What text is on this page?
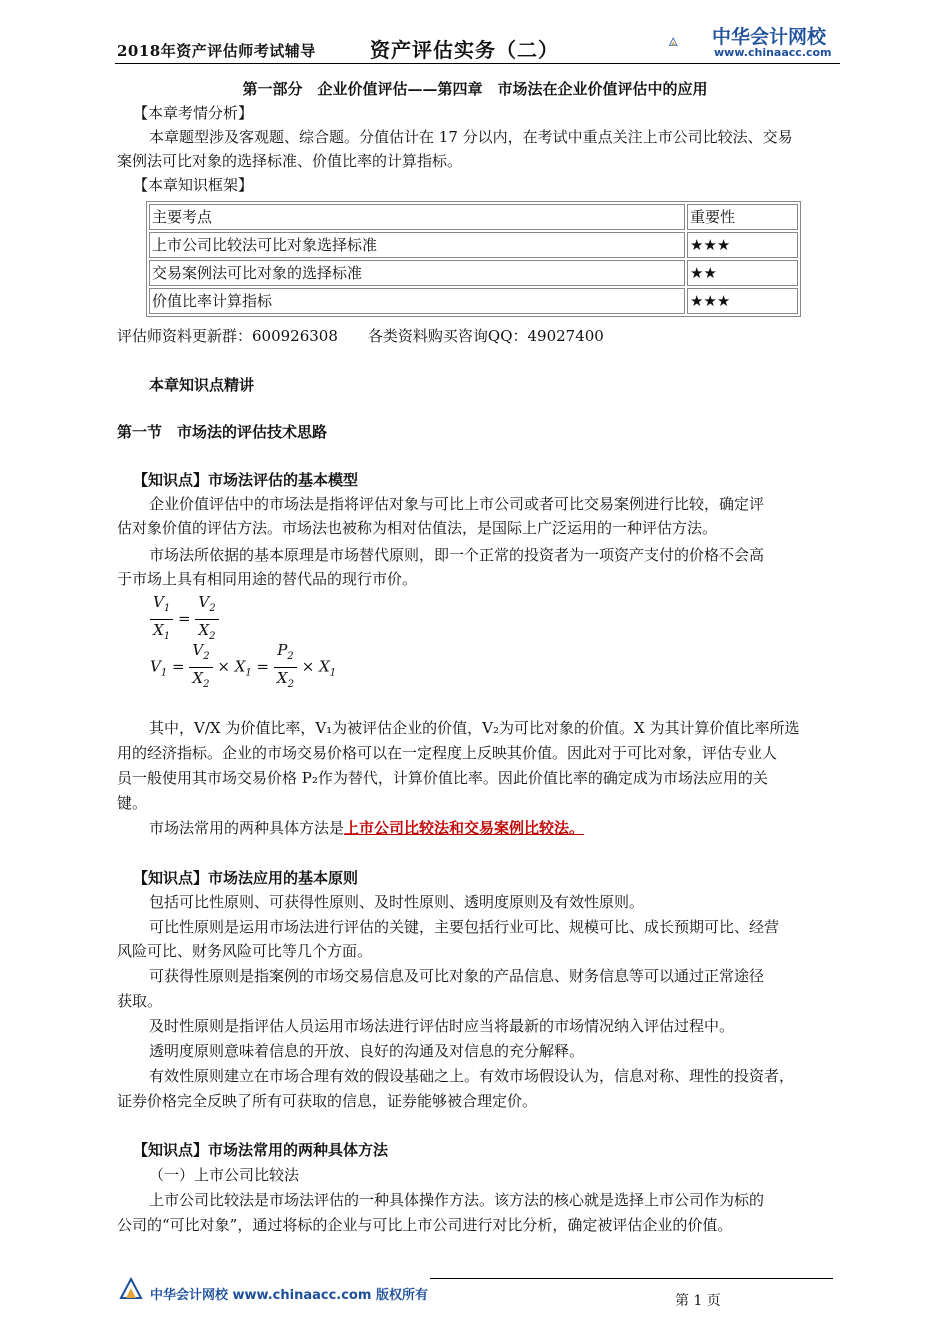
2018年资产评估师考试辅导	资产评估实务（二）
中华会计网校
www.chinaacc.com
第一部分　企业价值评估——第四章　市场法在企业价值评估中的应用
【本章考情分析】
本章题型涉及客观题、综合题。分值估计在 17 分以内，在考试中重点关注上市公司比较法、交易
案例法可比对象的选择标准、价值比率的计算指标。
【本章知识框架】
主要考点	重要性
上市公司比较法可比对象选择标准	★★★
交易案例法可比对象的选择标准	★★
价值比率计算指标	★★★
评估师资料更新群：600926308　　各类资料购买咨询QQ：49027400
本章知识点精讲
第一节　市场法的评估技术思路
【知识点】市场法评估的基本模型
企业价值评估中的市场法是指将评估对象与可比上市公司或者可比交易案例进行比较，确定评
估对象价值的评估方法。市场法也被称为相对估值法，是国际上广泛运用的一种评估方法。
市场法所依据的基本原理是市场替代原则，即一个正常的投资者为一项资产支付的价格不会高
于市场上具有相同用途的替代品的现行市价。
$\frac{V_1}{X_1} = \frac{V_2}{X_2}$
$V_1 = \frac{V_2}{X_2} \times X_1 = \frac{P_2}{X_2} \times X_1$
其中，V/X 为价值比率，V₁为被评估企业的价值，V₂为可比对象的价值。X 为其计算价值比率所选
用的经济指标。企业的市场交易价格可以在一定程度上反映其价值。因此对于可比对象，评估专业人
员一般使用其市场交易价格 P₂作为替代，计算价值比率。因此价值比率的确定成为市场法应用的关
键。
市场法常用的两种具体方法是上市公司比较法和交易案例比较法。
【知识点】市场法应用的基本原则
包括可比性原则、可获得性原则、及时性原则、透明度原则及有效性原则。
可比性原则是运用市场法进行评估的关键，主要包括行业可比、规模可比、成长预期可比、经营
风险可比、财务风险可比等几个方面。
可获得性原则是指案例的市场交易信息及可比对象的产品信息、财务信息等可以通过正常途径
获取。
及时性原则是指评估人员运用市场法进行评估时应当将最新的市场情况纳入评估过程中。
透明度原则意味着信息的开放、良好的沟通及对信息的充分解释。
有效性原则建立在市场合理有效的假设基础之上。有效市场假设认为，信息对称、理性的投资者，
证券价格完全反映了所有可获取的信息，证券能够被合理定价。
【知识点】市场法常用的两种具体方法
（一）上市公司比较法
上市公司比较法是市场法评估的一种具体操作方法。该方法的核心就是选择上市公司作为标的
公司的“可比对象”，通过将标的企业与可比上市公司进行对比分析，确定被评估企业的价值。
中华会计网校 www.chinaacc.com 版权所有	第 1 页
